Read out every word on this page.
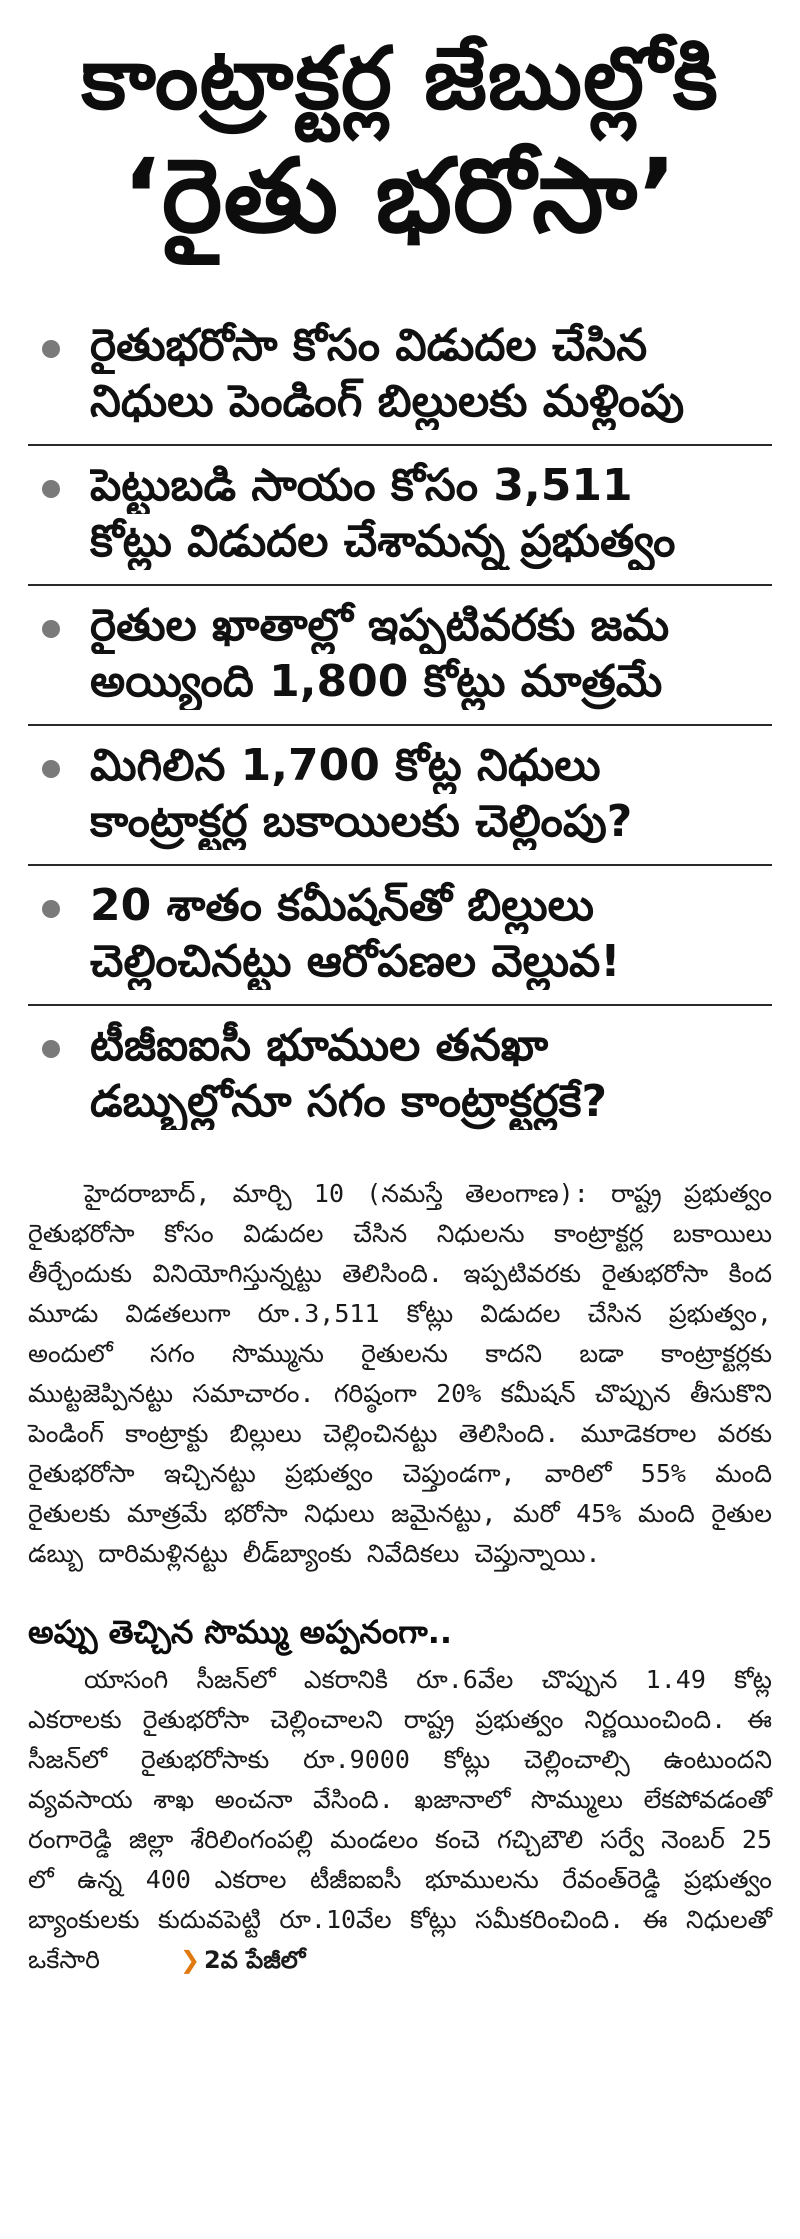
కాంట్రాక్టర్ల జేబుల్లోకి
‘రైతు భరోసా’
రైతుభరోసా కోసం విడుదల చేసిన
నిధులు పెండింగ్ బిల్లులకు మళ్లింపు
పెట్టుబడి సాయం కోసం 3,511
కోట్లు విడుదల చేశామన్న ప్రభుత్వం
రైతుల ఖాతాల్లో ఇప్పటివరకు జమ
అయ్యింది 1,800 కోట్లు మాత్రమే
మిగిలిన 1,700 కోట్ల నిధులు
కాంట్రాక్టర్ల బకాయిలకు చెల్లింపు?
20 శాతం కమీషన్‌తో బిల్లులు
చెల్లించినట్టు ఆరోపణల వెల్లువ!
టీజీఐఐసీ భూముల తనఖా
డబ్బుల్లోనూ సగం కాంట్రాక్టర్లకే?

హైదరాబాద్, మార్చి 10 (నమస్తే తెలంగాణ): రాష్ట్ర ప్రభుత్వం రైతుభరోసా కోసం విడుదల చేసిన నిధులను కాంట్రాక్టర్ల బకాయిలు తీర్చేందుకు వినియోగిస్తున్నట్టు తెలిసింది. ఇప్పటివరకు రైతుభరోసా కింద మూడు విడతలుగా రూ.3,511 కోట్లు విడుదల చేసిన ప్రభుత్వం, అందులో సగం సొమ్మును రైతులను కాదని బడా కాంట్రాక్టర్లకు ముట్టజెప్పినట్టు సమాచారం. గరిష్ఠంగా 20% కమీషన్ చొప్పున తీసుకొని పెండింగ్ కాంట్రాక్టు బిల్లులు చెల్లించినట్టు తెలిసింది. మూడెకరాల వరకు రైతుభరోసా ఇచ్చినట్టు ప్రభుత్వం చెప్తుండగా, వారిలో 55% మంది రైతులకు మాత్రమే భరోసా నిధులు జమైనట్టు, మరో 45% మంది రైతుల డబ్బు దారిమళ్లినట్టు లీడ్‌బ్యాంకు నివేదికలు చెప్తున్నాయి.

అప్పు తెచ్చిన సొమ్ము అప్పనంగా..

యాసంగి సీజన్‌లో ఎకరానికి రూ.6వేల చొప్పున 1.49 కోట్ల ఎకరాలకు రైతుభరోసా చెల్లించాలని రాష్ట్ర ప్రభుత్వం నిర్ణయించింది. ఈ సీజన్‌లో రైతుభరోసాకు రూ.9000 కోట్లు చెల్లించాల్సి ఉంటుందని వ్యవసాయ శాఖ అంచనా వేసింది. ఖజానాలో సొమ్ములు లేకపోవడంతో రంగారెడ్డి జిల్లా శేరిలింగంపల్లి మండలం కంచె గచ్చిబౌలి సర్వే నెంబర్ 25 లో ఉన్న 400 ఎకరాల టీజీఐఐసీ భూములను రేవంత్‌రెడ్డి ప్రభుత్వం బ్యాంకులకు కుదువపెట్టి రూ.10వేల కోట్లు సమీకరించింది. ఈ నిధులతో ఒకేసారి	❯ 2వ పేజీలో
